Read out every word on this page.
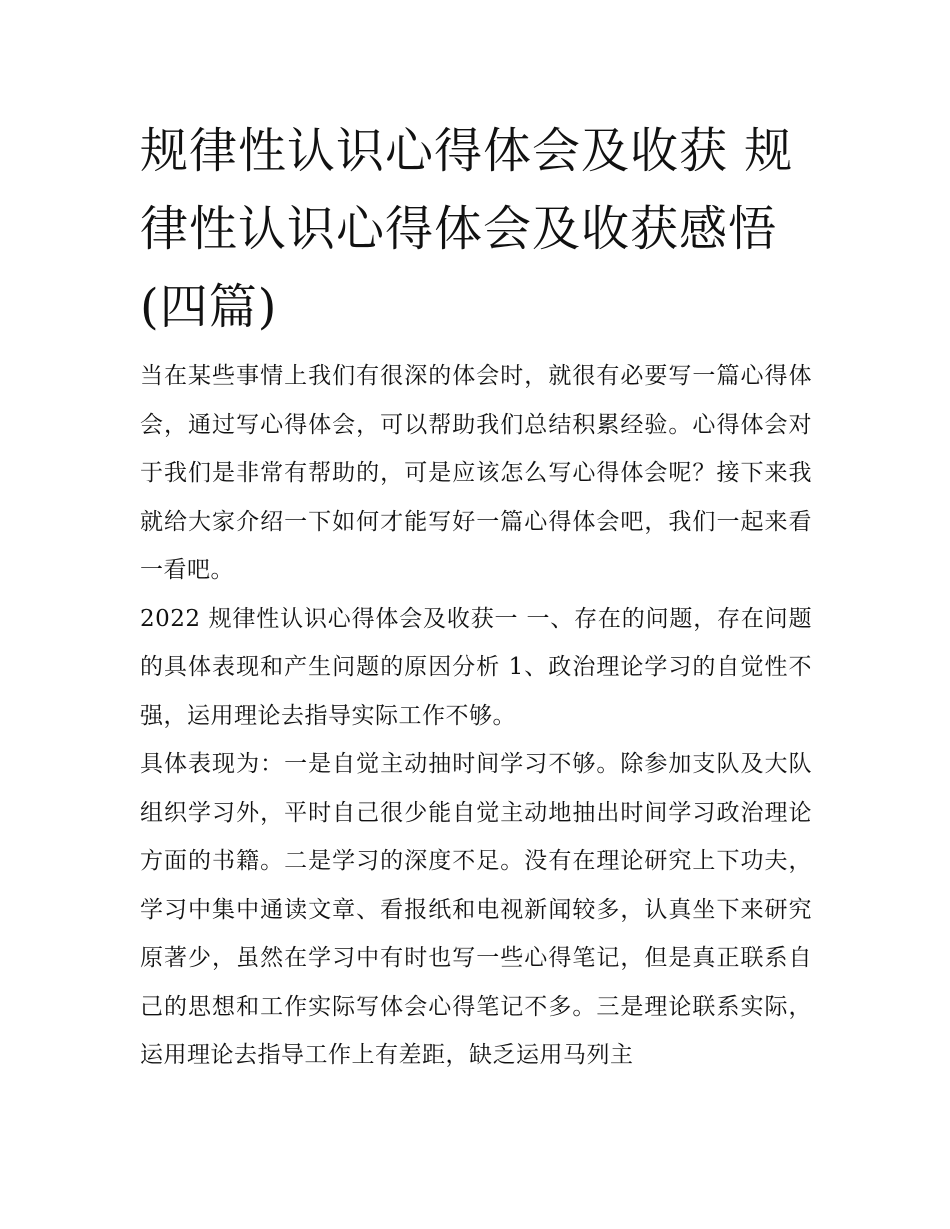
规律性认识心得体会及收获 规律性认识心得体会及收获感悟(四篇)

当在某些事情上我们有很深的体会时，就很有必要写一篇心得体会，通过写心得体会，可以帮助我们总结积累经验。心得体会对于我们是非常有帮助的，可是应该怎么写心得体会呢？接下来我就给大家介绍一下如何才能写好一篇心得体会吧，我们一起来看一看吧。

2022 规律性认识心得体会及收获一 一、存在的问题，存在问题的具体表现和产生问题的原因分析 1、政治理论学习的自觉性不强，运用理论去指导实际工作不够。

具体表现为：一是自觉主动抽时间学习不够。除参加支队及大队组织学习外，平时自己很少能自觉主动地抽出时间学习政治理论方面的书籍。二是学习的深度不足。没有在理论研究上下功夫，学习中集中通读文章、看报纸和电视新闻较多，认真坐下来研究原著少，虽然在学习中有时也写一些心得笔记，但是真正联系自己的思想和工作实际写体会心得笔记不多。三是理论联系实际，运用理论去指导工作上有差距，缺乏运用马列主
